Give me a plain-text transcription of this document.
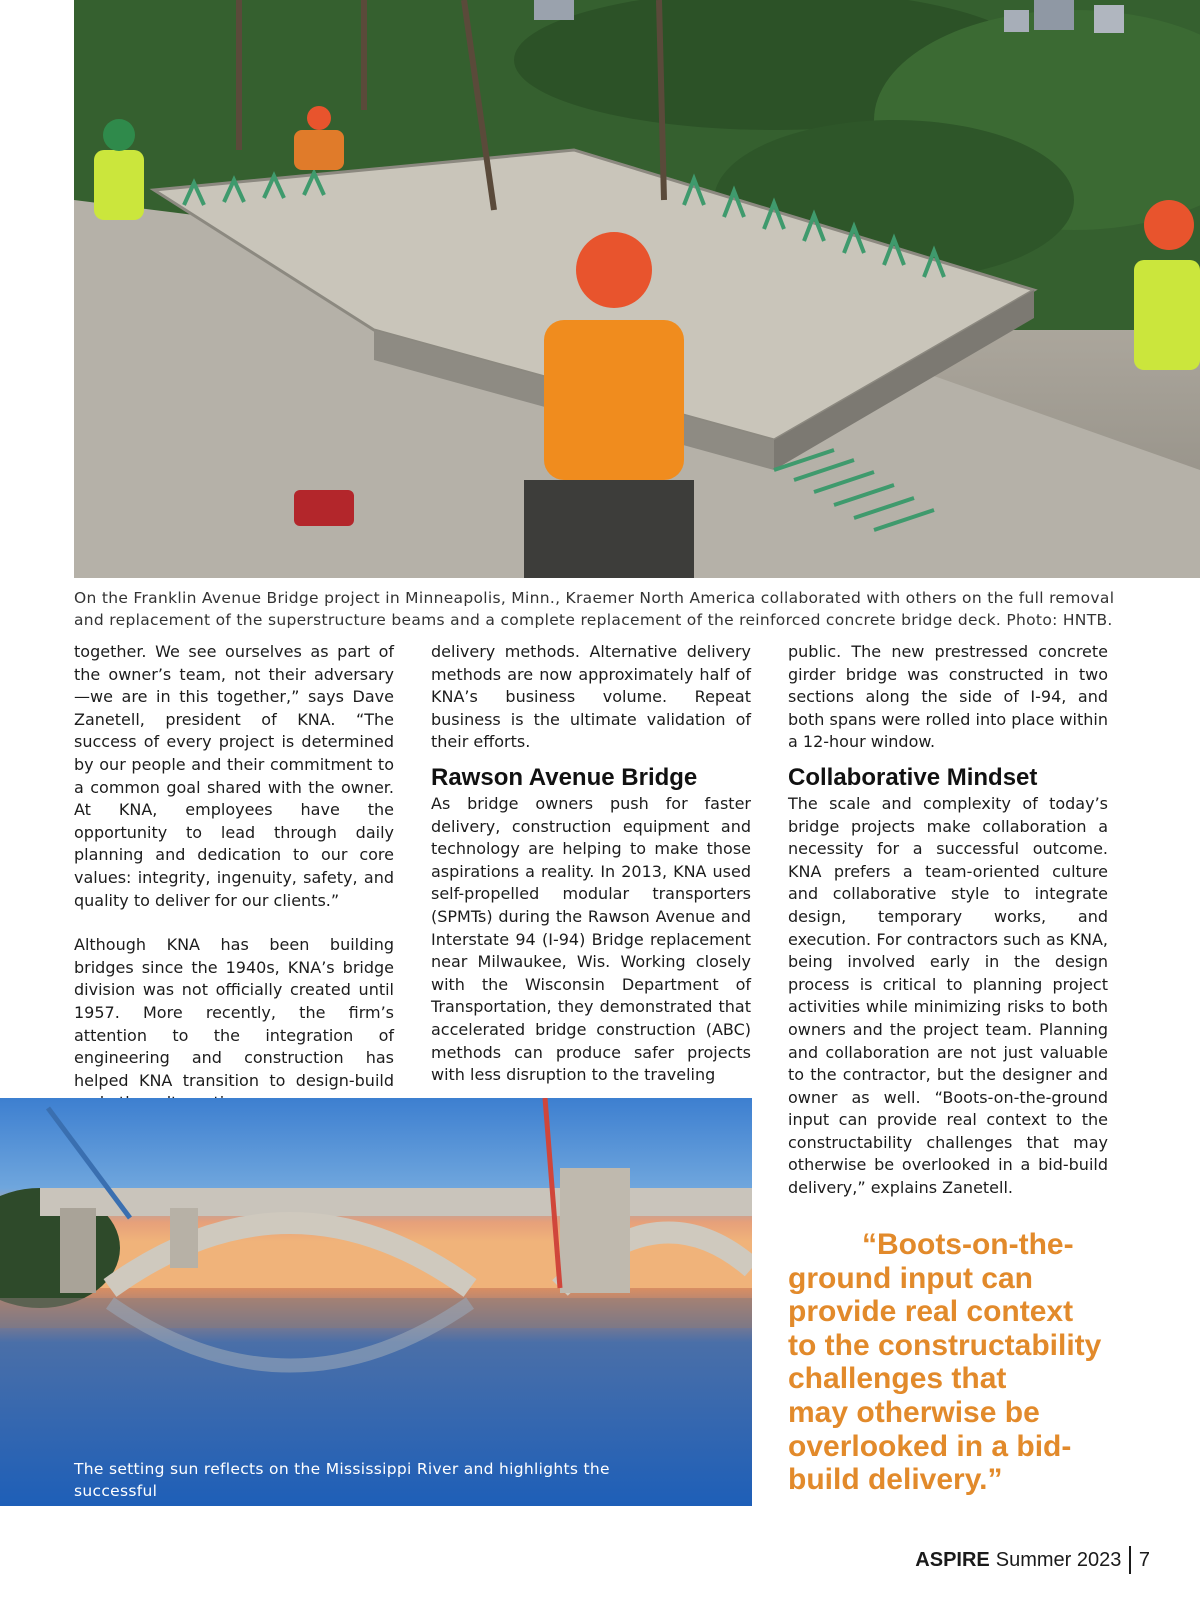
On the Franklin Avenue Bridge project in Minneapolis, Minn., Kraemer North America collaborated with others on the full removal
and replacement of the superstructure beams and a complete replacement of the reinforced concrete bridge deck. Photo: HNTB.

together. We see ourselves as part of the owner’s team, not their adversary—we are in this together,” says Dave Zanetell, president of KNA. “The success of every project is determined by our people and their commitment to a common goal shared with the owner. At KNA, employees have the opportunity to lead through daily planning and dedication to our core values: integrity, ingenuity, safety, and quality to deliver for our clients.”

Although KNA has been building bridges since the 1940s, KNA’s bridge division was not officially created until 1957. More recently, the firm’s attention to the integration of engineering and construction has helped KNA transition to design-build

delivery methods. Alternative delivery methods are now approximately half of KNA’s business volume. Repeat business is the ultimate validation of their efforts.

Rawson Avenue Bridge

As bridge owners push for faster delivery, construction equipment and technology are helping to make those aspirations a reality. In 2013, KNA used self-propelled modular transporters (SPMTs) during the Rawson Avenue and Interstate 94 (I-94) Bridge replacement near Milwaukee, Wis. Working closely with the Wisconsin Department of Transportation, they demonstrated that accelerated bridge construction (ABC) methods can produce safer projects with less disruption to the traveling

public. The new prestressed concrete girder bridge was constructed in two sections along the side of I-94, and both spans were rolled into place within a 12-hour window.

Collaborative Mindset

The scale and complexity of today’s bridge projects make collaboration a necessity for a successful outcome. KNA prefers a team-oriented culture and collaborative style to integrate design, temporary works, and execution. For contractors such as KNA, being involved early in the design process is critical to planning project activities while minimizing risks to both owners and the project team. Planning and collaboration are not just valuable to the contractor, but the designer and owner as well. “Boots-on-the-ground input can provide real context to the constructability challenges that may otherwise be overlooked in a bid-build delivery,” explains Zanetell.

The setting sun reflects on the Mississippi River and highlights the successful
rehabilitation of the Franklin Avenue span above. Photo: HNTB.
“Boots-on-the-
ground input can
provide real context
to the constructability
challenges that
may otherwise be
overlooked in a bid-
build delivery.”
ASPIRE Summer 2023 7
